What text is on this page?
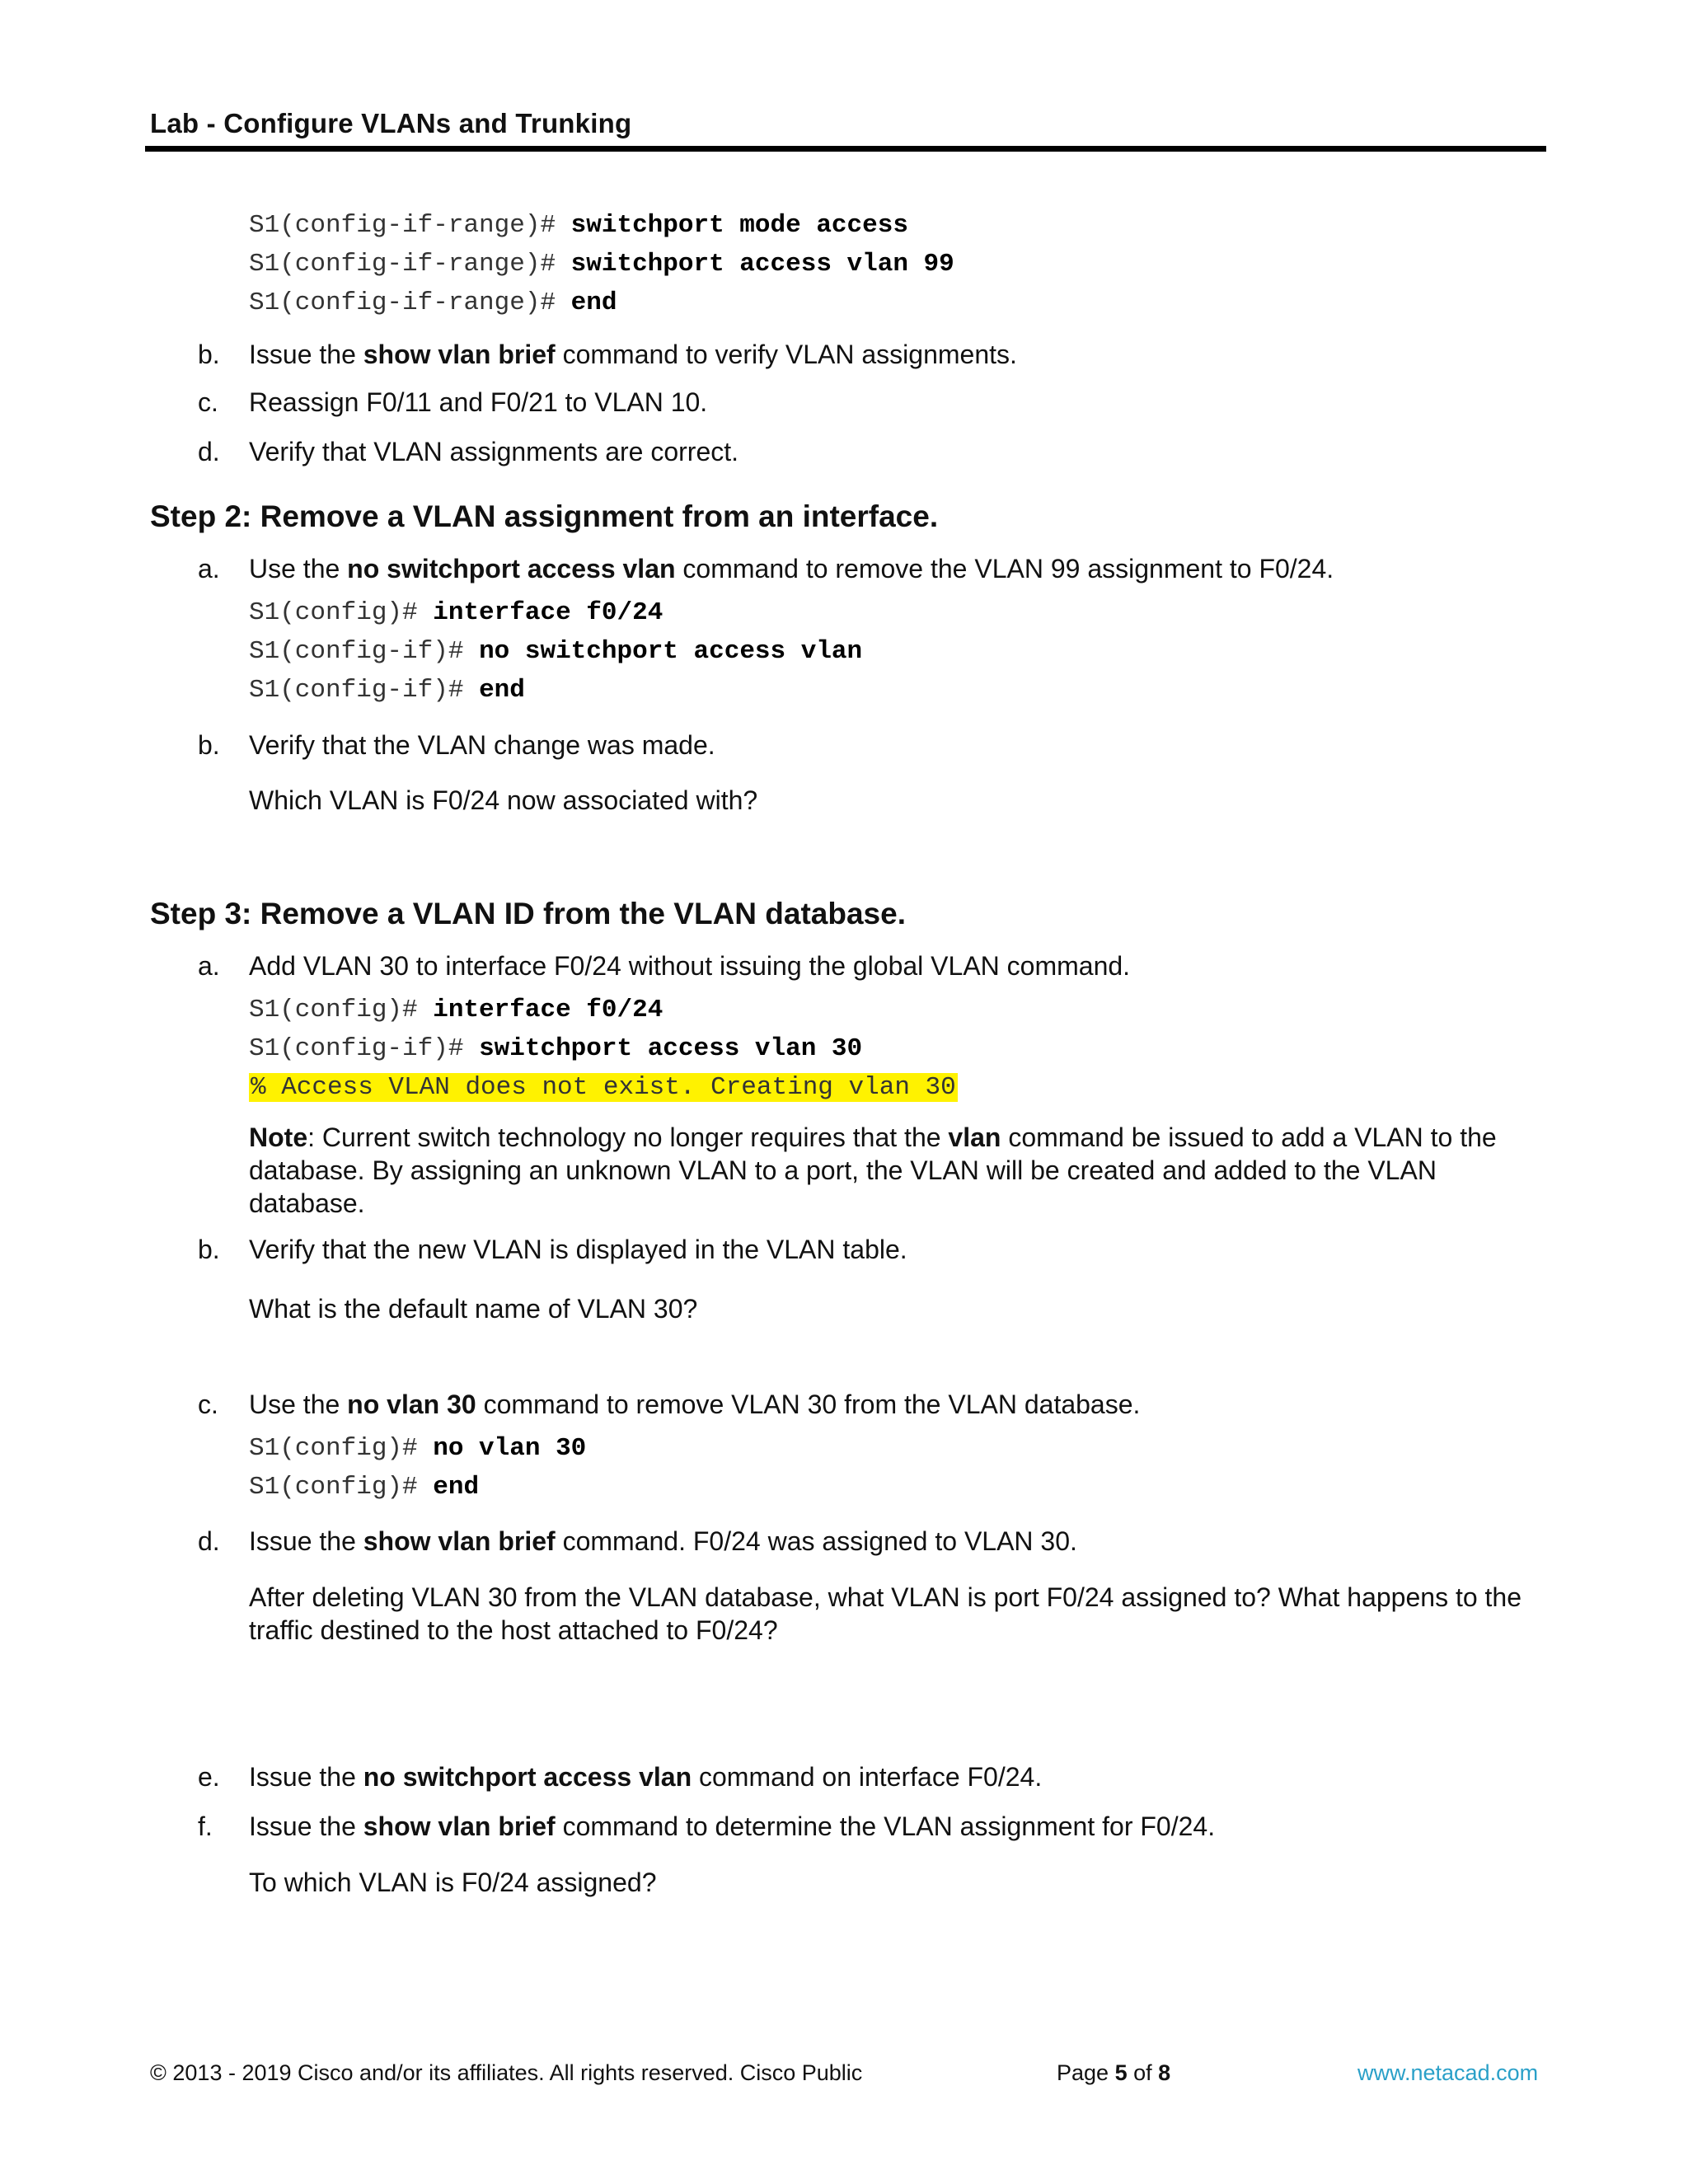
Lab - Configure VLANs and Trunking
S1(config-if-range)# switchport mode access
S1(config-if-range)# switchport access vlan 99
S1(config-if-range)# end
b. Issue the show vlan brief command to verify VLAN assignments.
c. Reassign F0/11 and F0/21 to VLAN 10.
d. Verify that VLAN assignments are correct.
Step 2: Remove a VLAN assignment from an interface.
a. Use the no switchport access vlan command to remove the VLAN 99 assignment to F0/24.
S1(config)# interface f0/24
S1(config-if)# no switchport access vlan
S1(config-if)# end
b. Verify that the VLAN change was made.
Which VLAN is F0/24 now associated with?
Step 3: Remove a VLAN ID from the VLAN database.
a. Add VLAN 30 to interface F0/24 without issuing the global VLAN command.
S1(config)# interface f0/24
S1(config-if)# switchport access vlan 30
% Access VLAN does not exist. Creating vlan 30
Note: Current switch technology no longer requires that the vlan command be issued to add a VLAN to the database. By assigning an unknown VLAN to a port, the VLAN will be created and added to the VLAN database.
b. Verify that the new VLAN is displayed in the VLAN table.
What is the default name of VLAN 30?
c. Use the no vlan 30 command to remove VLAN 30 from the VLAN database.
S1(config)# no vlan 30
S1(config)# end
d. Issue the show vlan brief command. F0/24 was assigned to VLAN 30.
After deleting VLAN 30 from the VLAN database, what VLAN is port F0/24 assigned to? What happens to the traffic destined to the host attached to F0/24?
e. Issue the no switchport access vlan command on interface F0/24.
f. Issue the show vlan brief command to determine the VLAN assignment for F0/24.
To which VLAN is F0/24 assigned?
© 2013 - 2019 Cisco and/or its affiliates. All rights reserved. Cisco Public	Page 5 of 8	www.netacad.com
